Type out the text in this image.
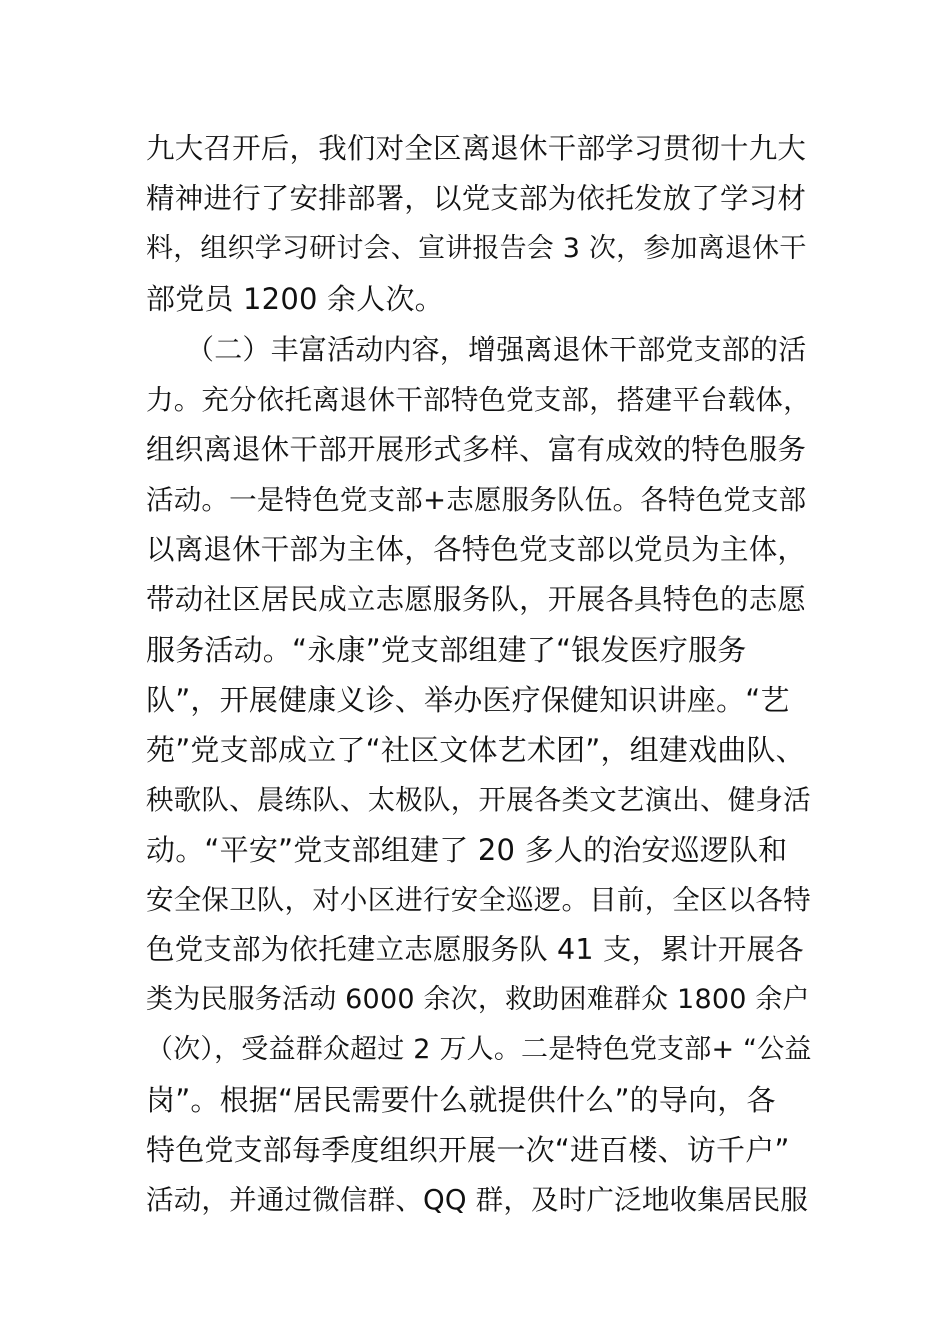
九大召开后，我们对全区离退休干部学习贯彻十九大
精神进行了安排部署，以党支部为依托发放了学习材
料，组织学习研讨会、宣讲报告会 3 次，参加离退休干
部党员 1200 余人次。
（二）丰富活动内容，增强离退休干部党支部的活
力。充分依托离退休干部特色党支部，搭建平台载体，
组织离退休干部开展形式多样、富有成效的特色服务
活动。一是特色党支部+志愿服务队伍。各特色党支部
以离退休干部为主体，各特色党支部以党员为主体，
带动社区居民成立志愿服务队，开展各具特色的志愿
服务活动。“永康”党支部组建了“银发医疗服务
队”，开展健康义诊、举办医疗保健知识讲座。“艺
苑”党支部成立了“社区文体艺术团”，组建戏曲队、
秧歌队、晨练队、太极队，开展各类文艺演出、健身活
动。“平安”党支部组建了 20 多人的治安巡逻队和
安全保卫队，对小区进行安全巡逻。目前，全区以各特
色党支部为依托建立志愿服务队 41 支，累计开展各
类为民服务活动 6000 余次，救助困难群众 1800 余户
（次），受益群众超过 2 万人。二是特色党支部+ “公益
岗”。根据“居民需要什么就提供什么”的导向，各
特色党支部每季度组织开展一次“进百楼、访千户”
活动，并通过微信群、QQ 群，及时广泛地收集居民服
